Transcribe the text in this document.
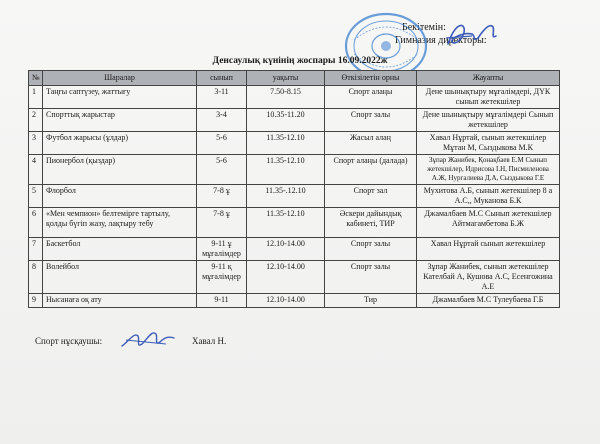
Бекітемін:
Гимназия директоры:
Денсаулық күнінің жоспары 16.09.2022ж
№	Шаралар	сынып	уақыты	Өткізілетін орны	Жауапты
1	Таңғы саптүзеу, жаттығу	3-11	7.50-8.15	Спорт алаңы	Дене шынықтыру мұғалімдері, ДҮК сынып жетекшілер
2	Спорттық жарыстар	3-4	10.35-11.20	Спорт залы	Дене шынықтыру мұғалімдері Сынып жетекшілер
3	Футбол жарысы (ұлдар)	5-6	11.35-12.10	Жасыл алаң	Хавал Нұртай, сынып жетекшілер Мұтан М, Сыздыкова М.К
4	Пионербол (қыздар)	5-6	11.35-12.10	Спорт алаңы (далада)	Зұпар Жанибек, Қонақбаев Е.М Сынып жетекшілер, Идрисова І.Н, Писмиленова А.Ж, Нургалиева Д.А, Сыздыкова Г.Е
5	Флорбол	7-8 ұ	11.35-.12.10	Спорт зал	Мухитова А.Б, сынып жетекшілер 8 а А.С,, Муканова Б.К
6	«Мен чемпион» белтемірге тартылу, қолды бүгіп жазу, лақтыру тебу	7-8 ұ	11.35-12.10	Әскери дайындық кабинеті, ТИР	Джамалбаев М.С Сынып жетекшілер Айтмагамбетова Б.Ж
7	Баскетбол	9-11 ұ мұғалімдер	12.10-14.00	Спорт залы	Хавал Нұртай сынып жетекшілер
8	Волейбол	9-11 қ мұғалімдер	12.10-14.00	Спорт залы	Зұпар Жанибек, сынып жетекшілер Кателбай А, Кушова А.С, Есенгожина А.Е
9	Нысанаға оқ ату	9-11	12.10-14.00	Тир	Джамалбаев М.С Тулеубаева Г.Б
Спорт нұсқаушы:	Хавал Н.
